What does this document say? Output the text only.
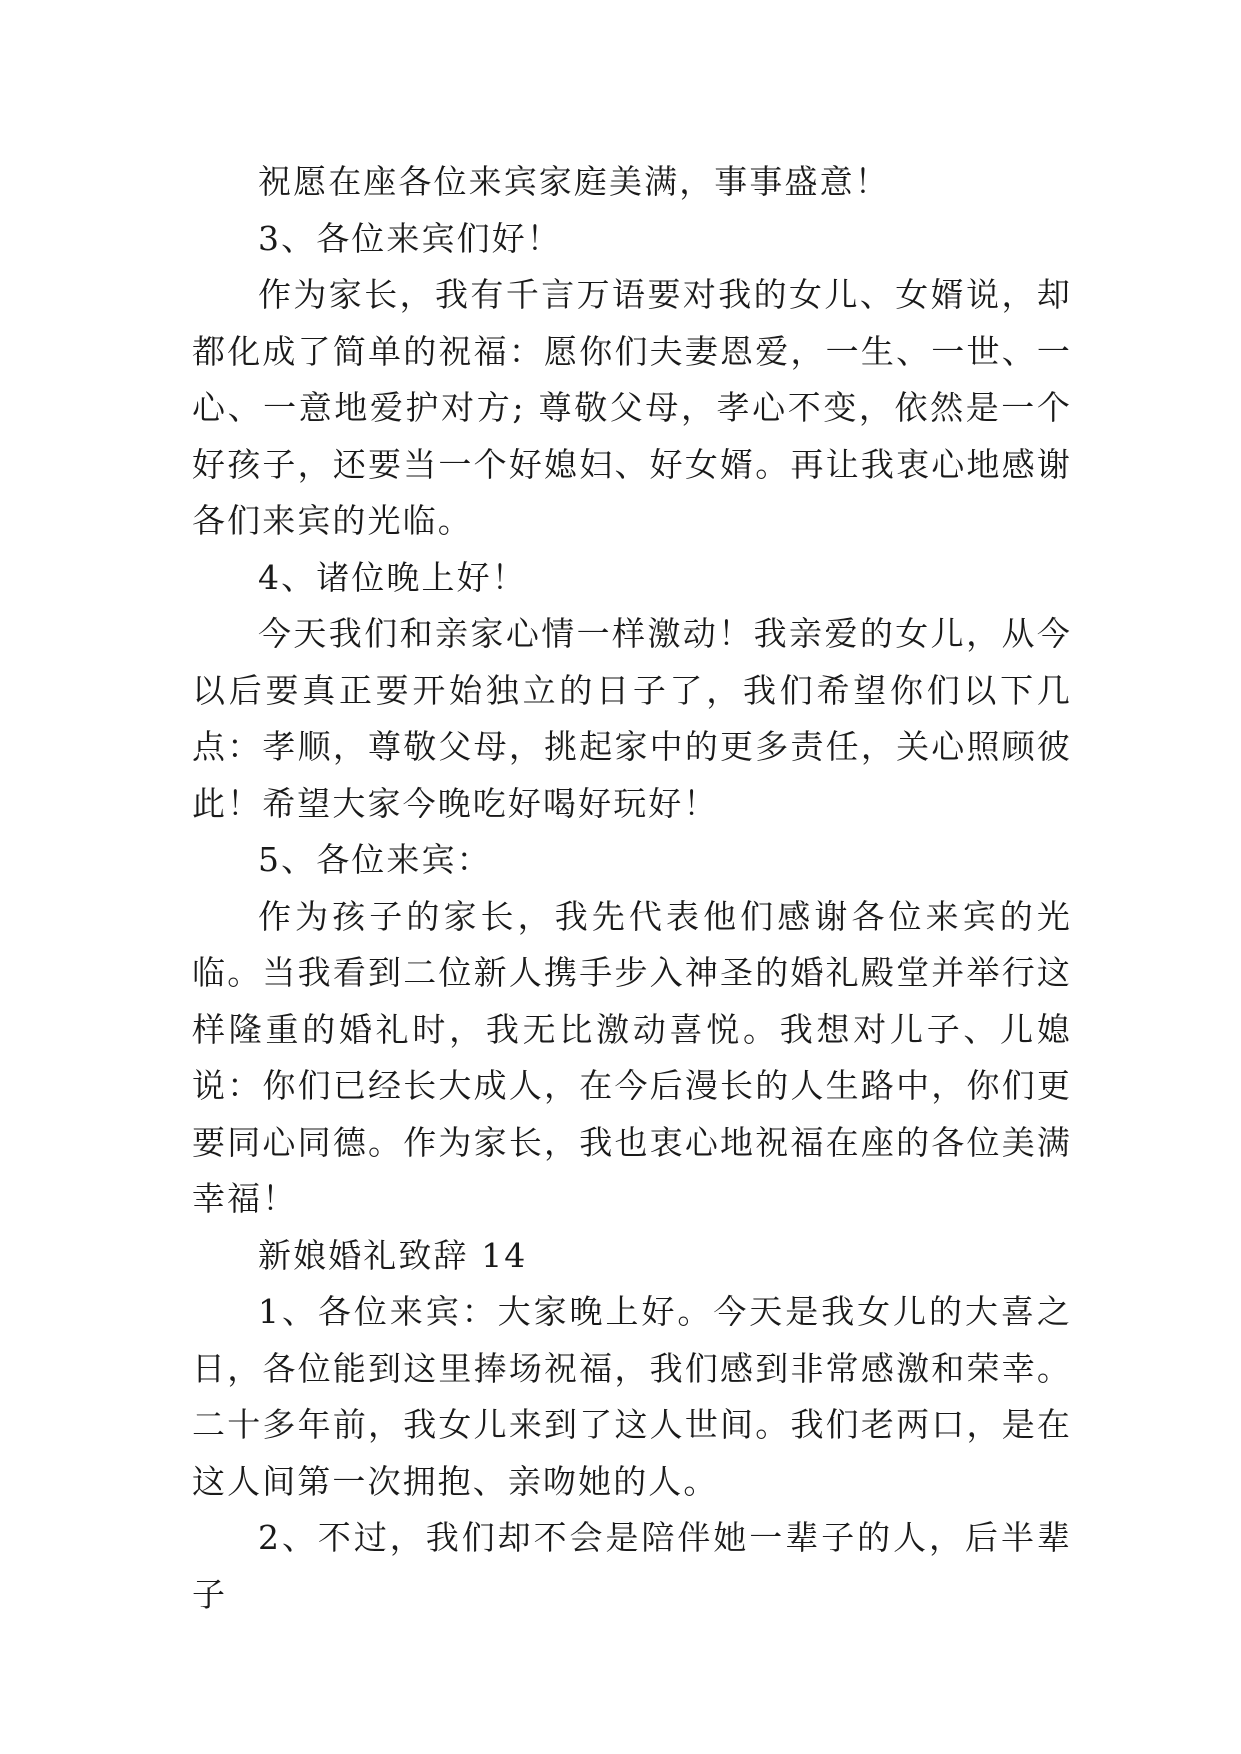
祝愿在座各位来宾家庭美满，事事盛意！

3、各位来宾们好！

作为家长，我有千言万语要对我的女儿、女婿说，却都化成了简单的祝福：愿你们夫妻恩爱，一生、一世、一心、一意地爱护对方; 尊敬父母，孝心不变，依然是一个好孩子，还要当一个好媳妇、好女婿。再让我衷心地感谢各们来宾的光临。

4、诸位晚上好！

今天我们和亲家心情一样激动！我亲爱的女儿，从今以后要真正要开始独立的日子了，我们希望你们以下几点：孝顺，尊敬父母，挑起家中的更多责任，关心照顾彼此！希望大家今晚吃好喝好玩好！

5、各位来宾：

作为孩子的家长，我先代表他们感谢各位来宾的光临。当我看到二位新人携手步入神圣的婚礼殿堂并举行这样隆重的婚礼时，我无比激动喜悦。我想对儿子、儿媳说：你们已经长大成人，在今后漫长的人生路中，你们更要同心同德。作为家长，我也衷心地祝福在座的各位美满幸福！

新娘婚礼致辞 14

1、各位来宾：大家晚上好。今天是我女儿的大喜之日，各位能到这里捧场祝福，我们感到非常感激和荣幸。二十多年前，我女儿来到了这人世间。我们老两口，是在这人间第一次拥抱、亲吻她的人。

2、不过，我们却不会是陪伴她一辈子的人，后半辈子
